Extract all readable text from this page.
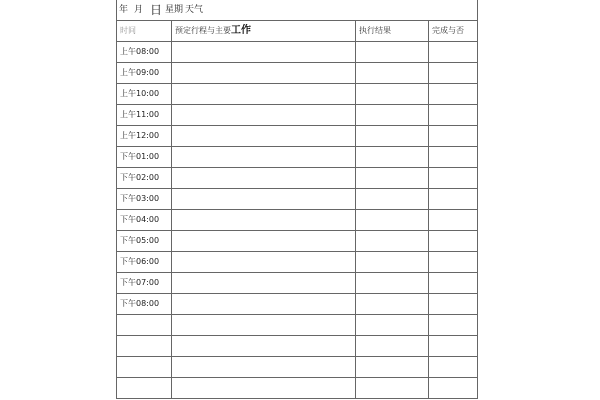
年 月 日 星期 天气
时间	预定行程与主要工作	执行结果	完成与否
上午08:00
上午09:00
上午10:00
上午11:00
上午12:00
下午01:00
下午02:00
下午03:00
下午04:00
下午05:00
下午06:00
下午07:00
下午08:00
